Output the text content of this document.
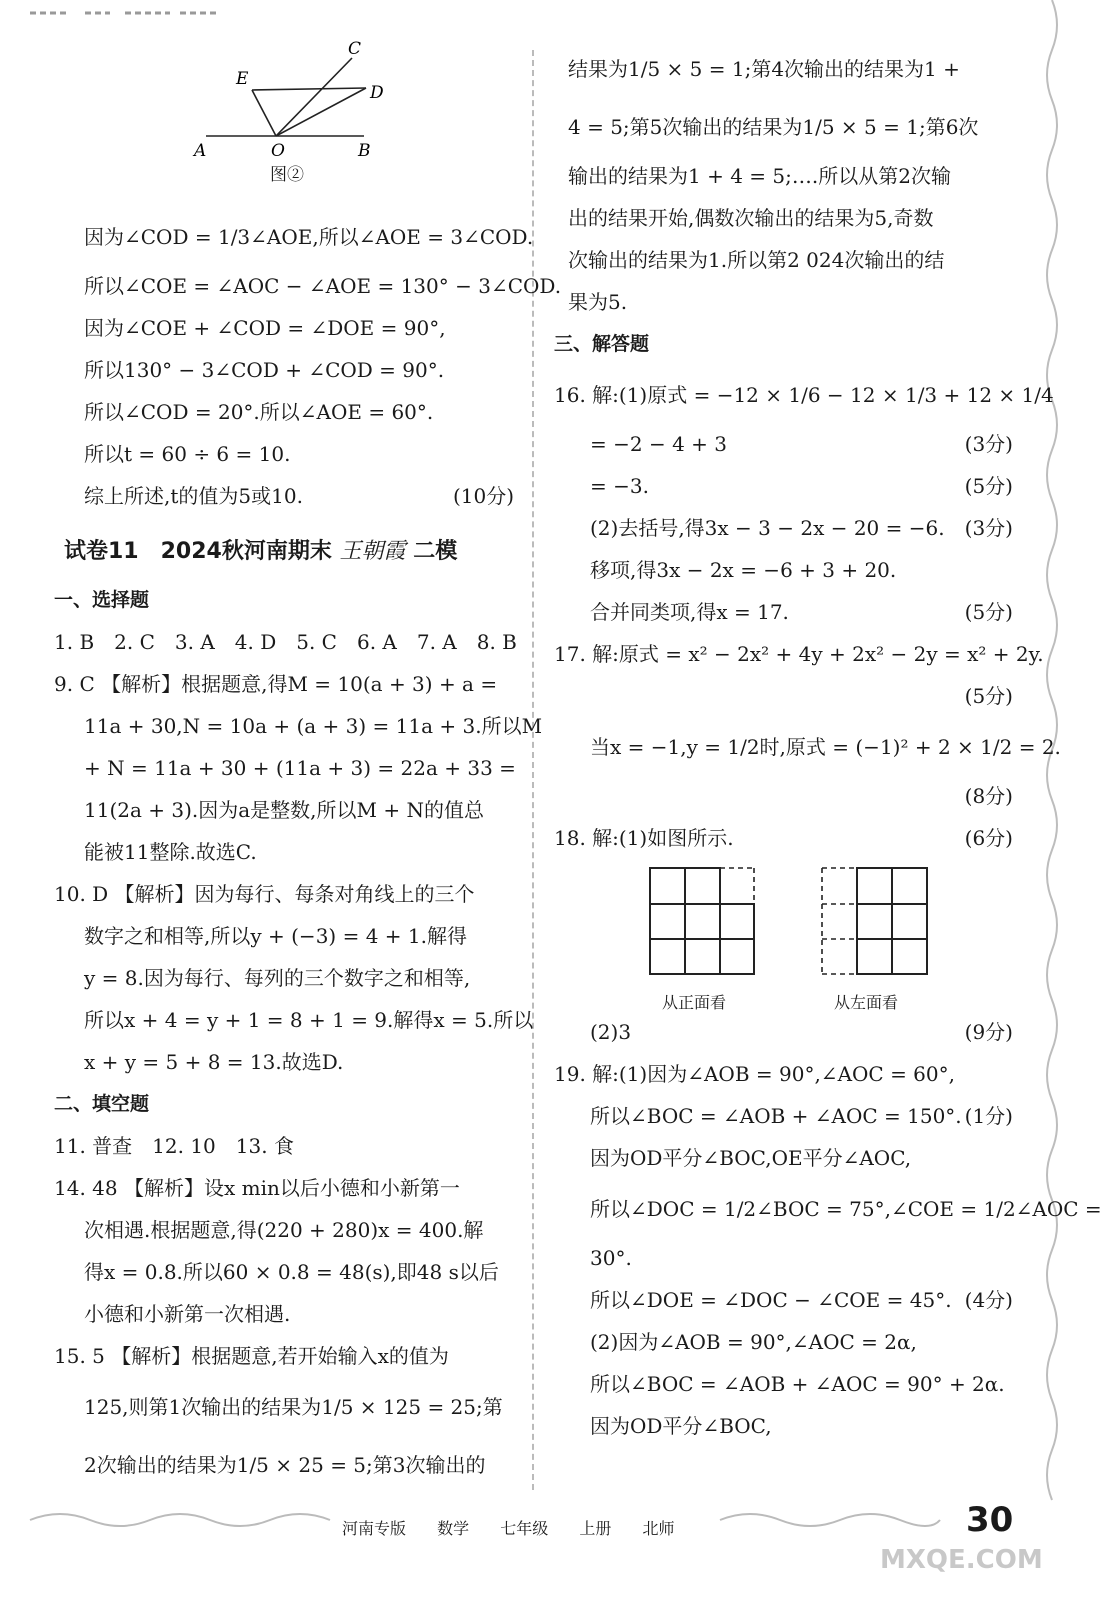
C
E
D
A	O	B
图②
因为∠COD = 1/3∠AOE,所以∠AOE = 3∠COD.
所以∠COE = ∠AOC − ∠AOE = 130° − 3∠COD.
因为∠COE + ∠COD = ∠DOE = 90°,
所以130° − 3∠COD + ∠COD = 90°.
所以∠COD = 20°.所以∠AOE = 60°.
所以t = 60 ÷ 6 = 10.
综上所述,t的值为5或10.	(10分)
试卷11　2024秋河南期末 王朝霞 二模
一、选择题
1. B　2. C　3. A　4. D　5. C　6. A　7. A　8. B
9. C 【解析】根据题意,得M = 10(a + 3) + a =
11a + 30,N = 10a + (a + 3) = 11a + 3.所以M
+ N = 11a + 30 + (11a + 3) = 22a + 33 =
11(2a + 3).因为a是整数,所以M + N的值总
能被11整除.故选C.
10. D 【解析】因为每行、每条对角线上的三个
数字之和相等,所以y + (−3) = 4 + 1.解得
y = 8.因为每行、每列的三个数字之和相等,
所以x + 4 = y + 1 = 8 + 1 = 9.解得x = 5.所以
x + y = 5 + 8 = 13.故选D.
二、填空题
11. 普查　12. 10　13. 食
14. 48 【解析】设x min以后小德和小新第一
次相遇.根据题意,得(220 + 280)x = 400.解
得x = 0.8.所以60 × 0.8 = 48(s),即48 s以后
小德和小新第一次相遇.
15. 5 【解析】根据题意,若开始输入x的值为
125,则第1次输出的结果为1/5 × 125 = 25;第
2次输出的结果为1/5 × 25 = 5;第3次输出的
结果为1/5 × 5 = 1;第4次输出的结果为1 +
4 = 5;第5次输出的结果为1/5 × 5 = 1;第6次
输出的结果为1 + 4 = 5;….所以从第2次输
出的结果开始,偶数次输出的结果为5,奇数
次输出的结果为1.所以第2 024次输出的结
果为5.
三、解答题
16. 解:(1)原式 = −12 × 1/6 − 12 × 1/3 + 12 × 1/4
= −2 − 4 + 3	(3分)
= −3.	(5分)
(2)去括号,得3x − 3 − 2x − 20 = −6. (3分)
移项,得3x − 2x = −6 + 3 + 20.
合并同类项,得x = 17.	(5分)
17. 解:原式 = x² − 2x² + 4y + 2x² − 2y = x² + 2y.
(5分)
当x = −1,y = 1/2时,原式 = (−1)² + 2 × 1/2 = 2.
(8分)
18. 解:(1)如图所示.	(6分)
从正面看	从左面看
(2)3	(9分)
19. 解:(1)因为∠AOB = 90°,∠AOC = 60°,
所以∠BOC = ∠AOB + ∠AOC = 150°. (1分)
因为OD平分∠BOC,OE平分∠AOC,
所以∠DOC = 1/2∠BOC = 75°,∠COE = 1/2∠AOC =
30°.
所以∠DOE = ∠DOC − ∠COE = 45°. (4分)
(2)因为∠AOB = 90°,∠AOC = 2α,
所以∠BOC = ∠AOB + ∠AOC = 90° + 2α.
因为OD平分∠BOC,
河南专版 数学 七年级 上册 北师	30
MXQE.COM
